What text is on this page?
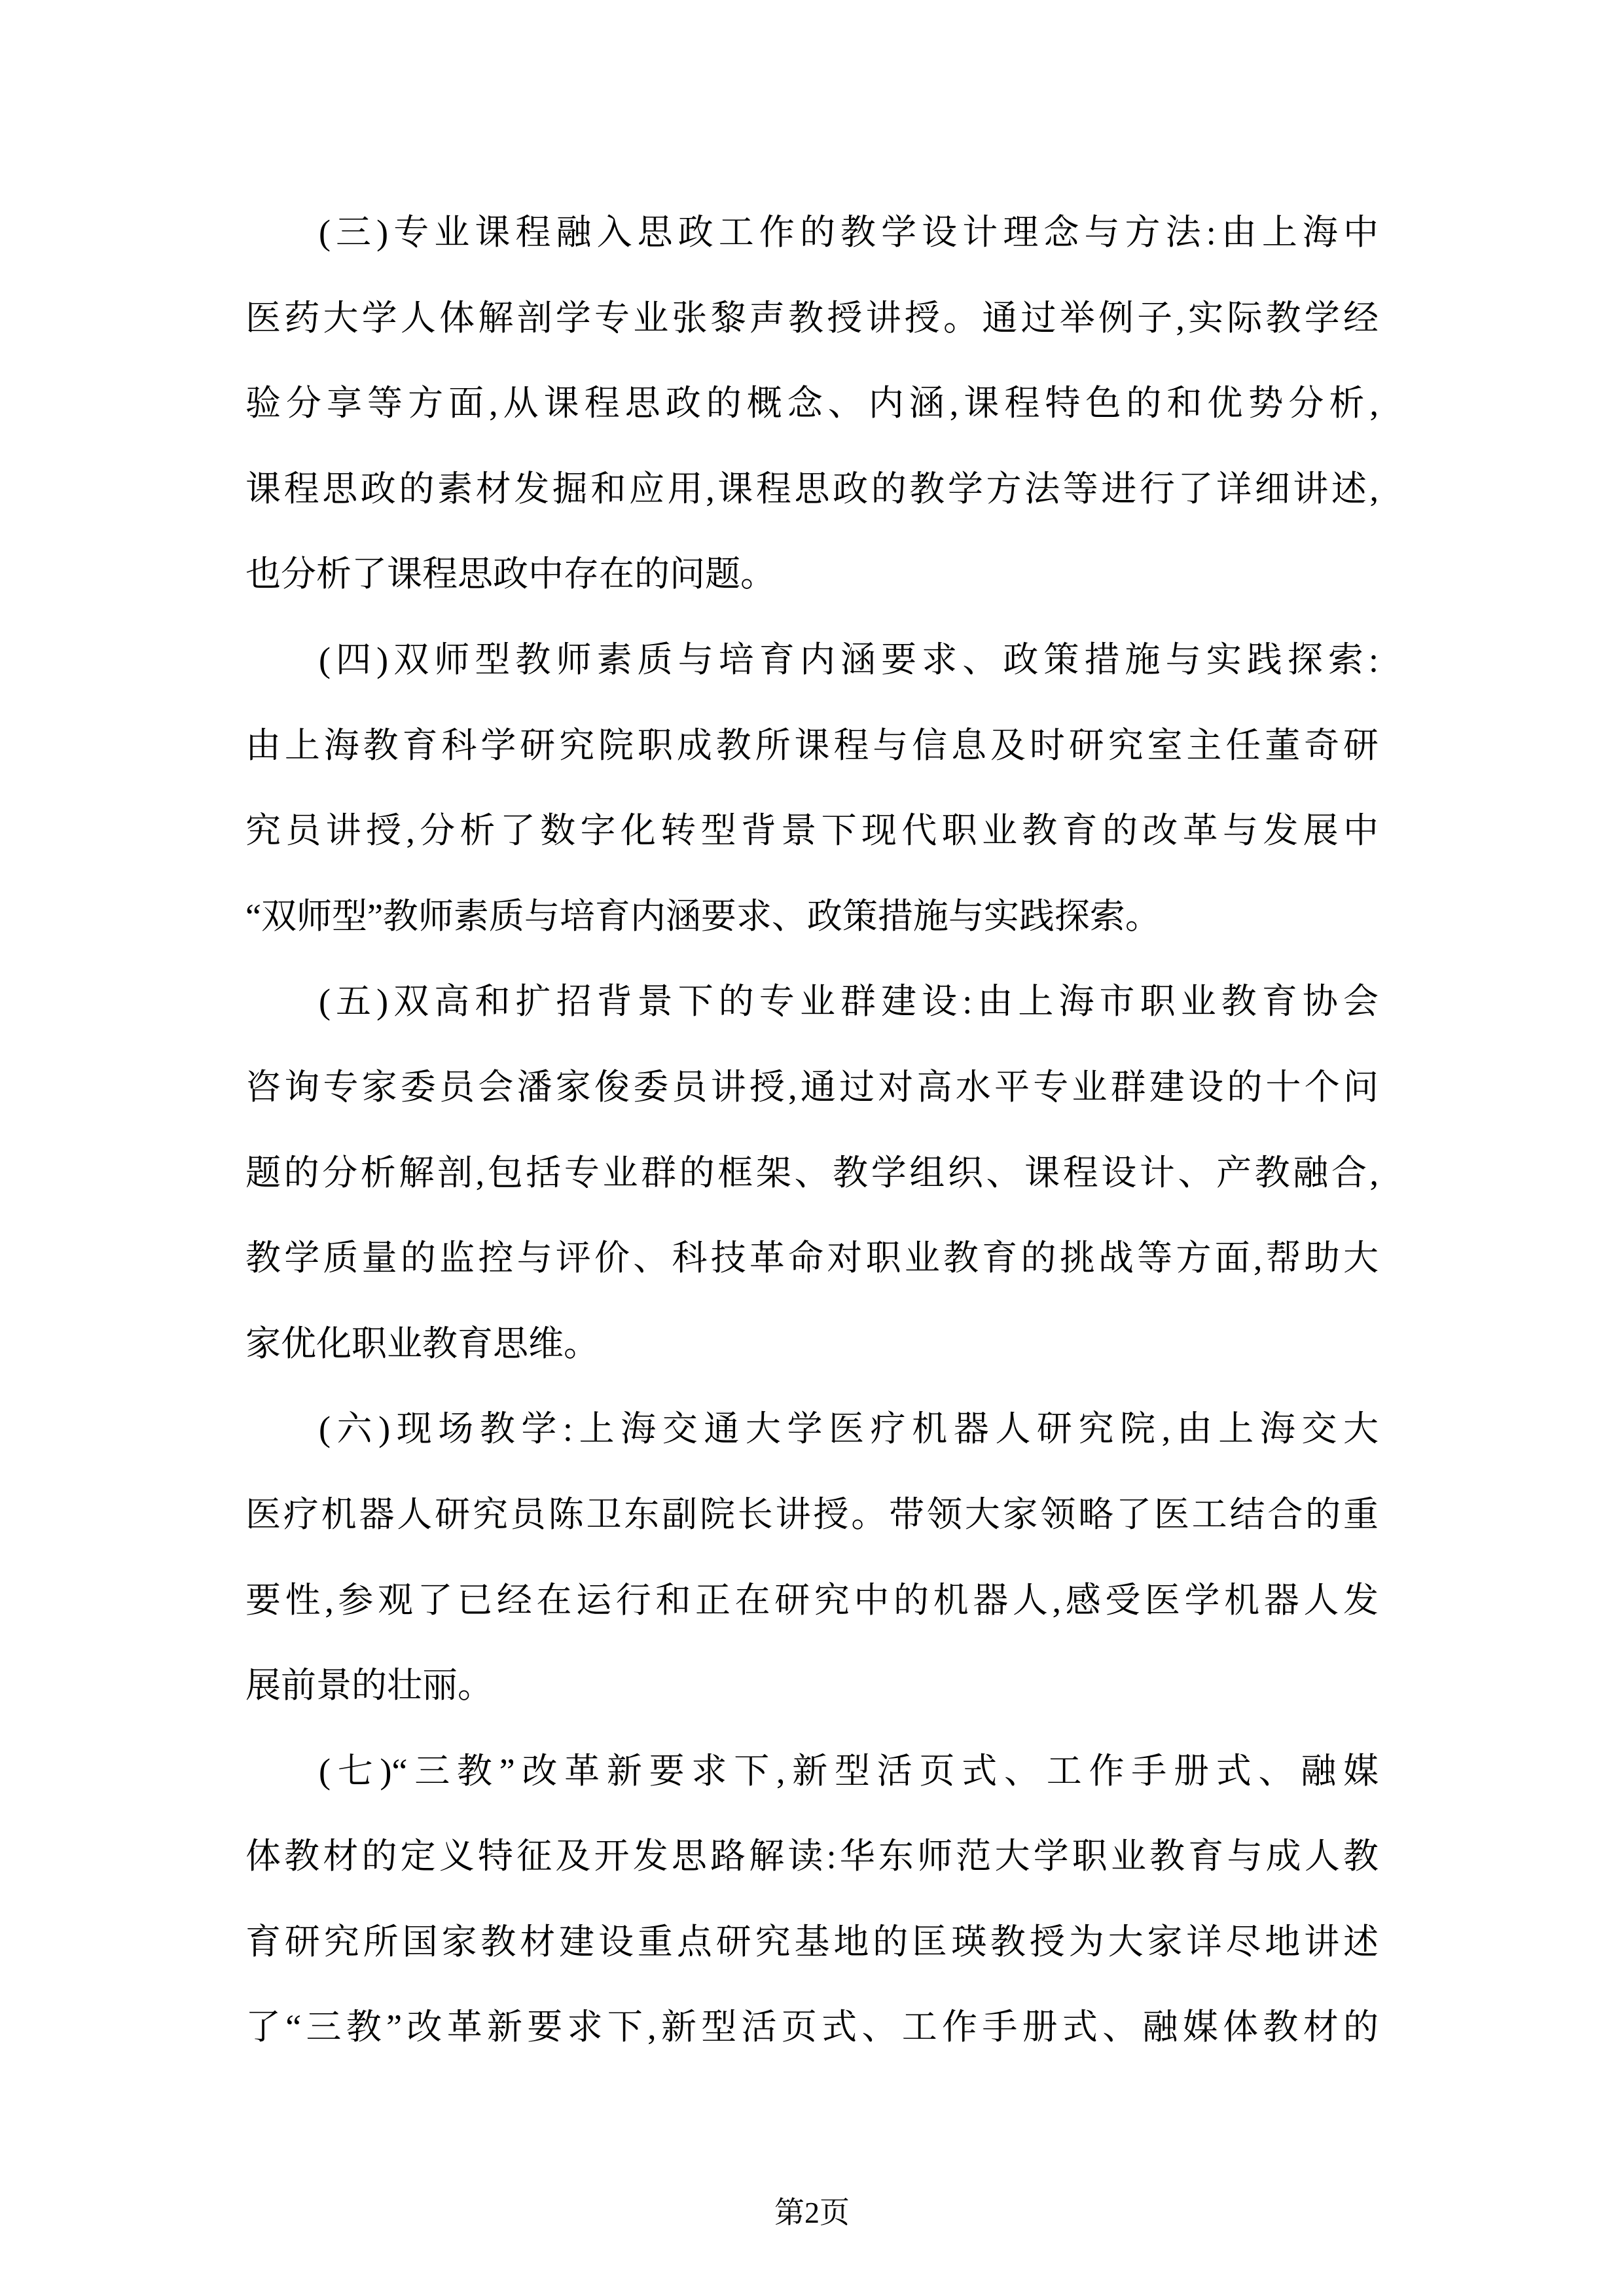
(三)专业课程融入思政工作的教学设计理念与方法:由上海中
医药大学人体解剖学专业张黎声教授讲授。通过举例子,实际教学经
验分享等方面,从课程思政的概念、内涵,课程特色的和优势分析,
课程思政的素材发掘和应用,课程思政的教学方法等进行了详细讲述,
也分析了课程思政中存在的问题。
(四)双师型教师素质与培育内涵要求、政策措施与实践探索:
由上海教育科学研究院职成教所课程与信息及时研究室主任董奇研
究员讲授,分析了数字化转型背景下现代职业教育的改革与发展中
“双师型”教师素质与培育内涵要求、政策措施与实践探索。
(五)双高和扩招背景下的专业群建设:由上海市职业教育协会
咨询专家委员会潘家俊委员讲授,通过对高水平专业群建设的十个问
题的分析解剖,包括专业群的框架、教学组织、课程设计、产教融合,
教学质量的监控与评价、科技革命对职业教育的挑战等方面,帮助大
家优化职业教育思维。
(六)现场教学:上海交通大学医疗机器人研究院,由上海交大
医疗机器人研究员陈卫东副院长讲授。带领大家领略了医工结合的重
要性,参观了已经在运行和正在研究中的机器人,感受医学机器人发
展前景的壮丽。
(七)“三教”改革新要求下,新型活页式、工作手册式、融媒
体教材的定义特征及开发思路解读:华东师范大学职业教育与成人教
育研究所国家教材建设重点研究基地的匡瑛教授为大家详尽地讲述
了“三教”改革新要求下,新型活页式、工作手册式、融媒体教材的
第2页
